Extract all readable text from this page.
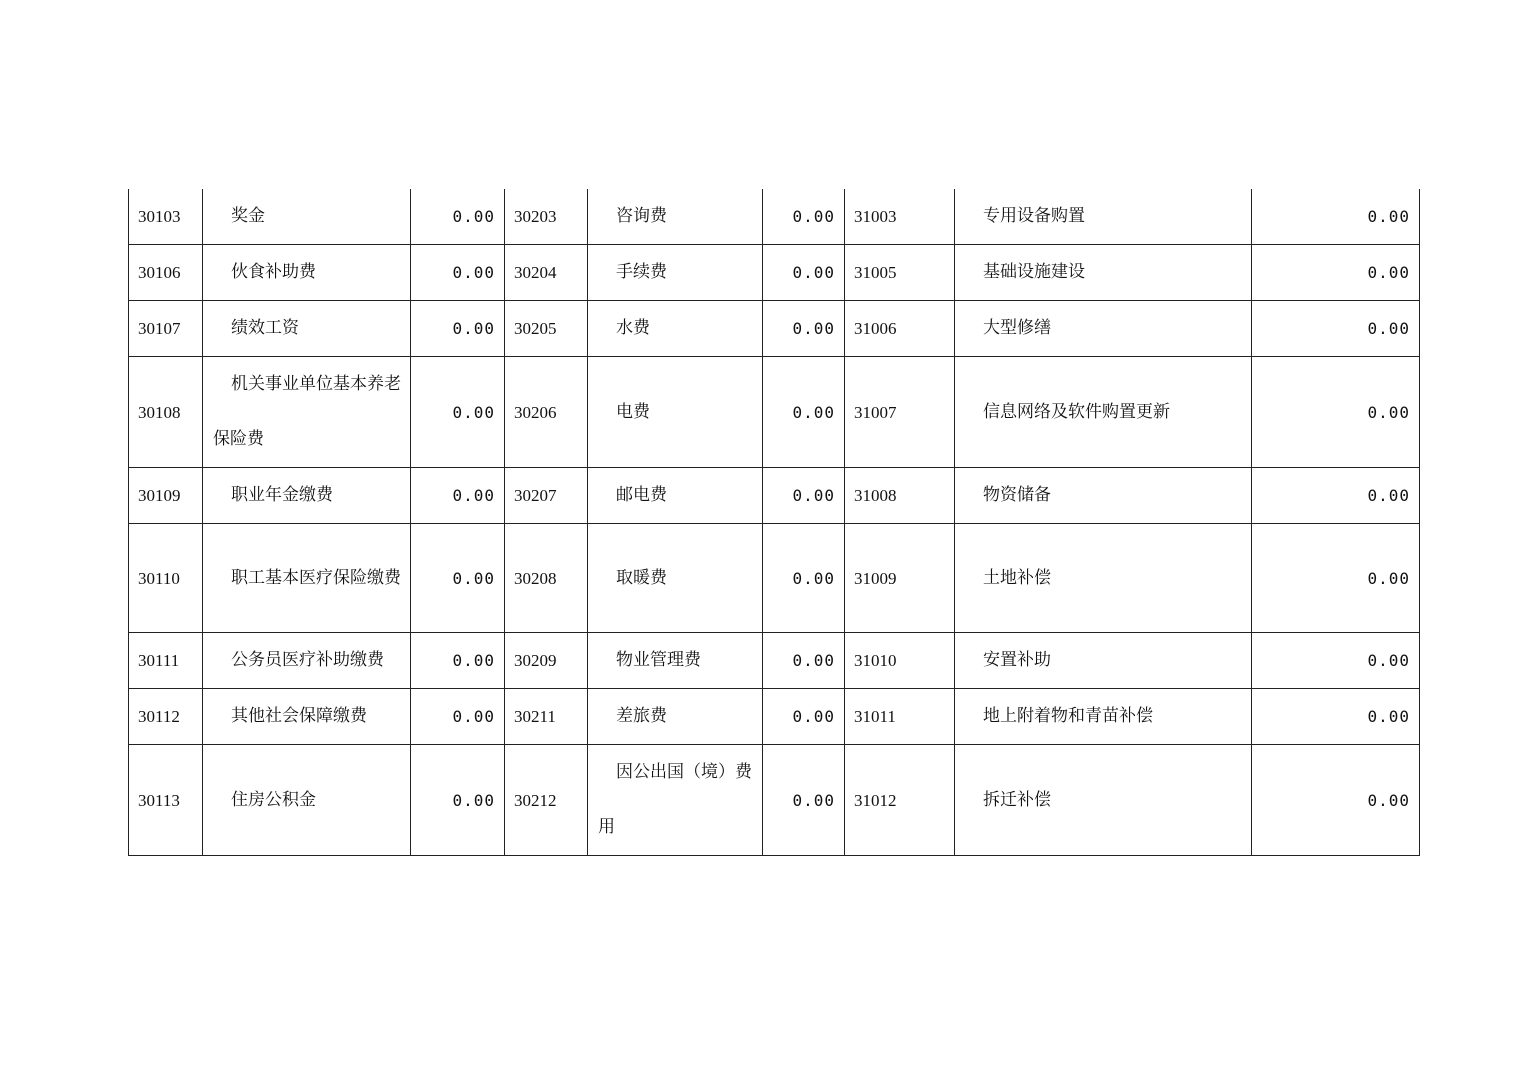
30103	奖金	0.00	30203	咨询费	0.00	31003	专用设备购置	0.00
30106	伙食补助费	0.00	30204	手续费	0.00	31005	基础设施建设	0.00
30107	绩效工资	0.00	30205	水费	0.00	31006	大型修缮	0.00
30108	机关事业单位基本养老保险费	0.00	30206	电费	0.00	31007	信息网络及软件购置更新	0.00
30109	职业年金缴费	0.00	30207	邮电费	0.00	31008	物资储备	0.00
30110	职工基本医疗保险缴费	0.00	30208	取暖费	0.00	31009	土地补偿	0.00
30111	公务员医疗补助缴费	0.00	30209	物业管理费	0.00	31010	安置补助	0.00
30112	其他社会保障缴费	0.00	30211	差旅费	0.00	31011	地上附着物和青苗补偿	0.00
30113	住房公积金	0.00	30212	因公出国（境）费用	0.00	31012	拆迁补偿	0.00
